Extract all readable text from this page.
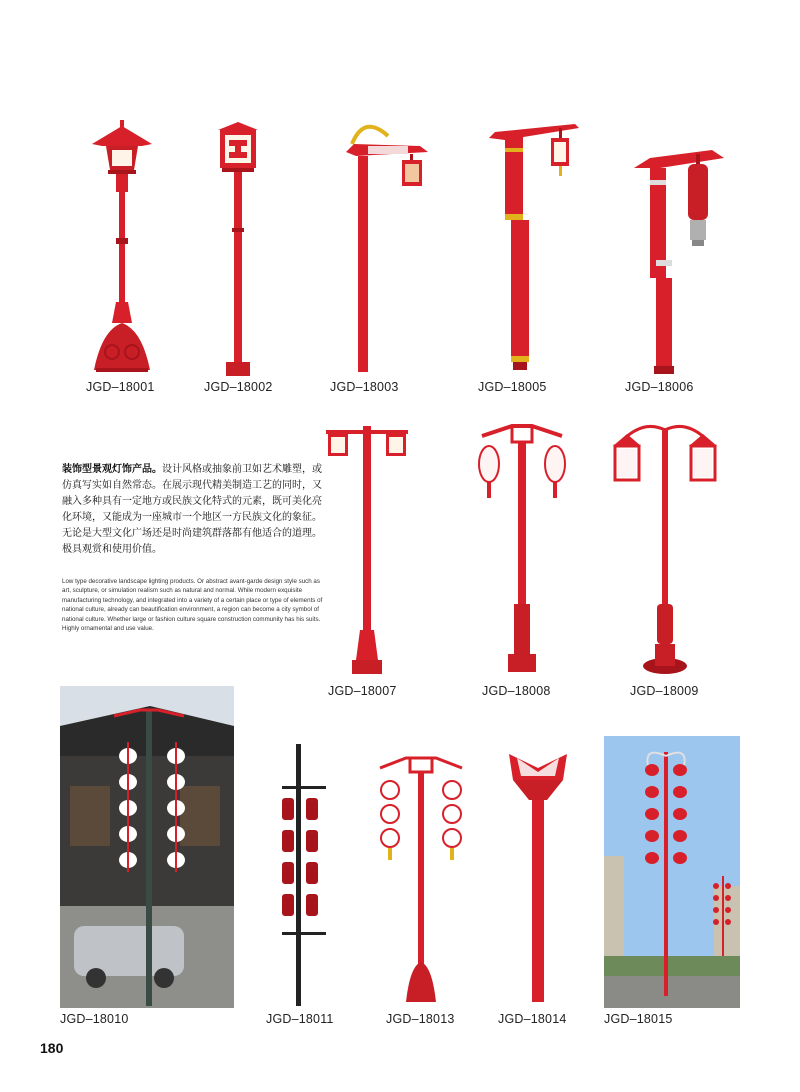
JGD–18001	JGD–18002	JGD–18003	JGD–18005	JGD–18006
装饰型景观灯饰产品。设计风格或抽象前卫如艺术雕塑，或仿真写实如自然常态。在展示现代精美制造工艺的同时，又融入多种具有一定地方或民族文化特式的元素，既可美化亮化环境，又能成为一座城市一个地区一方民族文化的象征。无论是大型文化广场还是时尚建筑群落都有他适合的道理。极具观赏和使用价值。
Low type decorative landscape lighting products. Or abstract avant-garde design style such as art, sculpture, or simulation realism such as natural and normal. While modern exquisite manufacturing technology, and integrated into a variety of a certain place or type of elements of national culture, already can beautification environment, a region can become a city symbol of national culture. Whether large or fashion culture square construction community has his suits. Highly ornamental and use value.
JGD–18007	JGD–18008	JGD–18009
JGD–18010	JGD–18011	JGD–18013	JGD–18014	JGD–18015
180
